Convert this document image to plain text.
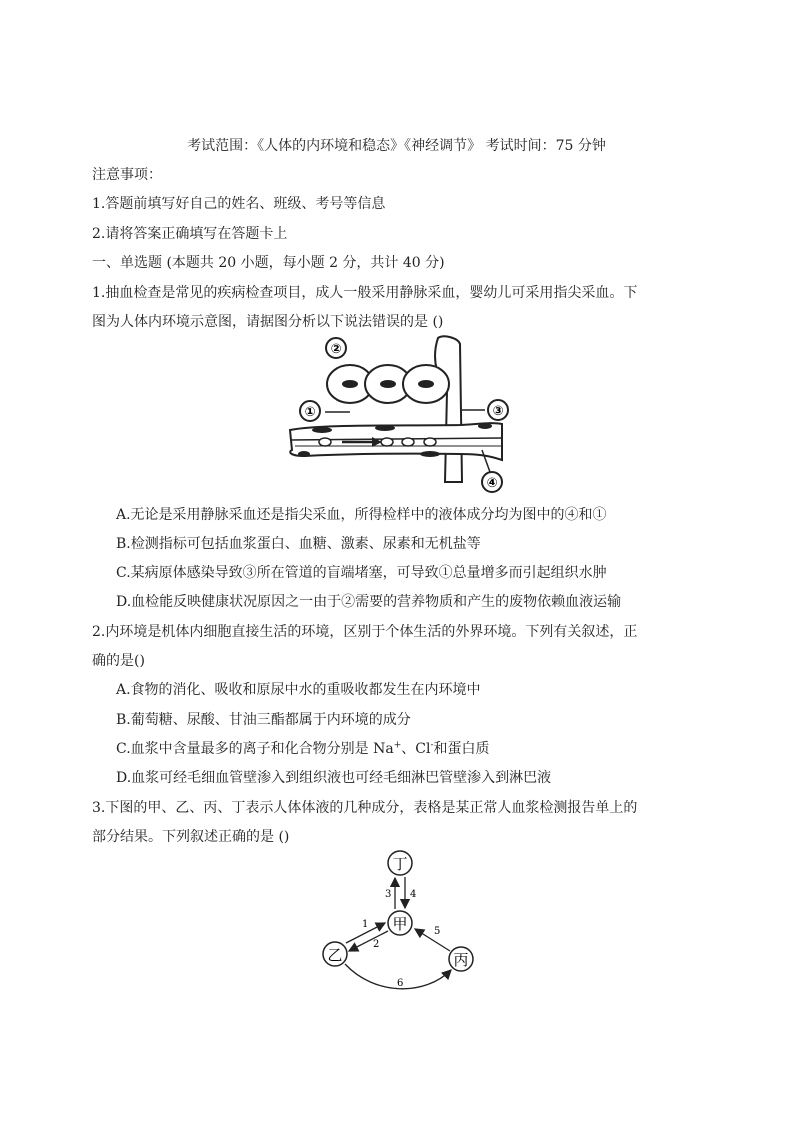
考试范围：《人体的内环境和稳态》《神经调节》 考试时间：75 分钟
注意事项：
1.答题前填写好自己的姓名、班级、考号等信息
2.请将答案正确填写在答题卡上
一、单选题 (本题共 20 小题，每小题 2 分，共计 40 分)
1.抽血检查是常见的疾病检查项目，成人一般采用静脉采血，婴幼儿可采用指尖采血。下
图为人体内环境示意图，请据图分析以下说法错误的是 ()
②
①	③
④
A.无论是采用静脉采血还是指尖采血，所得检样中的液体成分均为图中的④和①
B.检测指标可包括血浆蛋白、血糖、激素、尿素和无机盐等
C.某病原体感染导致③所在管道的盲端堵塞，可导致①总量增多而引起组织水肿
D.血检能反映健康状况原因之一由于②需要的营养物质和产生的废物依赖血液运输
2.内环境是机体内细胞直接生活的环境，区别于个体生活的外界环境。下列有关叙述，正
确的是()
A.食物的消化、吸收和原尿中水的重吸收都发生在内环境中
B.葡萄糖、尿酸、甘油三酯都属于内环境的成分
C.血浆中含量最多的离子和化合物分别是 Na+、Cl-和蛋白质
D.血浆可经毛细血管壁渗入到组织液也可经毛细淋巴管壁渗入到淋巴液
3.下图的甲、乙、丙、丁表示人体体液的几种成分，表格是某正常人血浆检测报告单上的
部分结果。下列叙述正确的是 ()
丁
甲
乙	丙
3 4
1
2
5
6
